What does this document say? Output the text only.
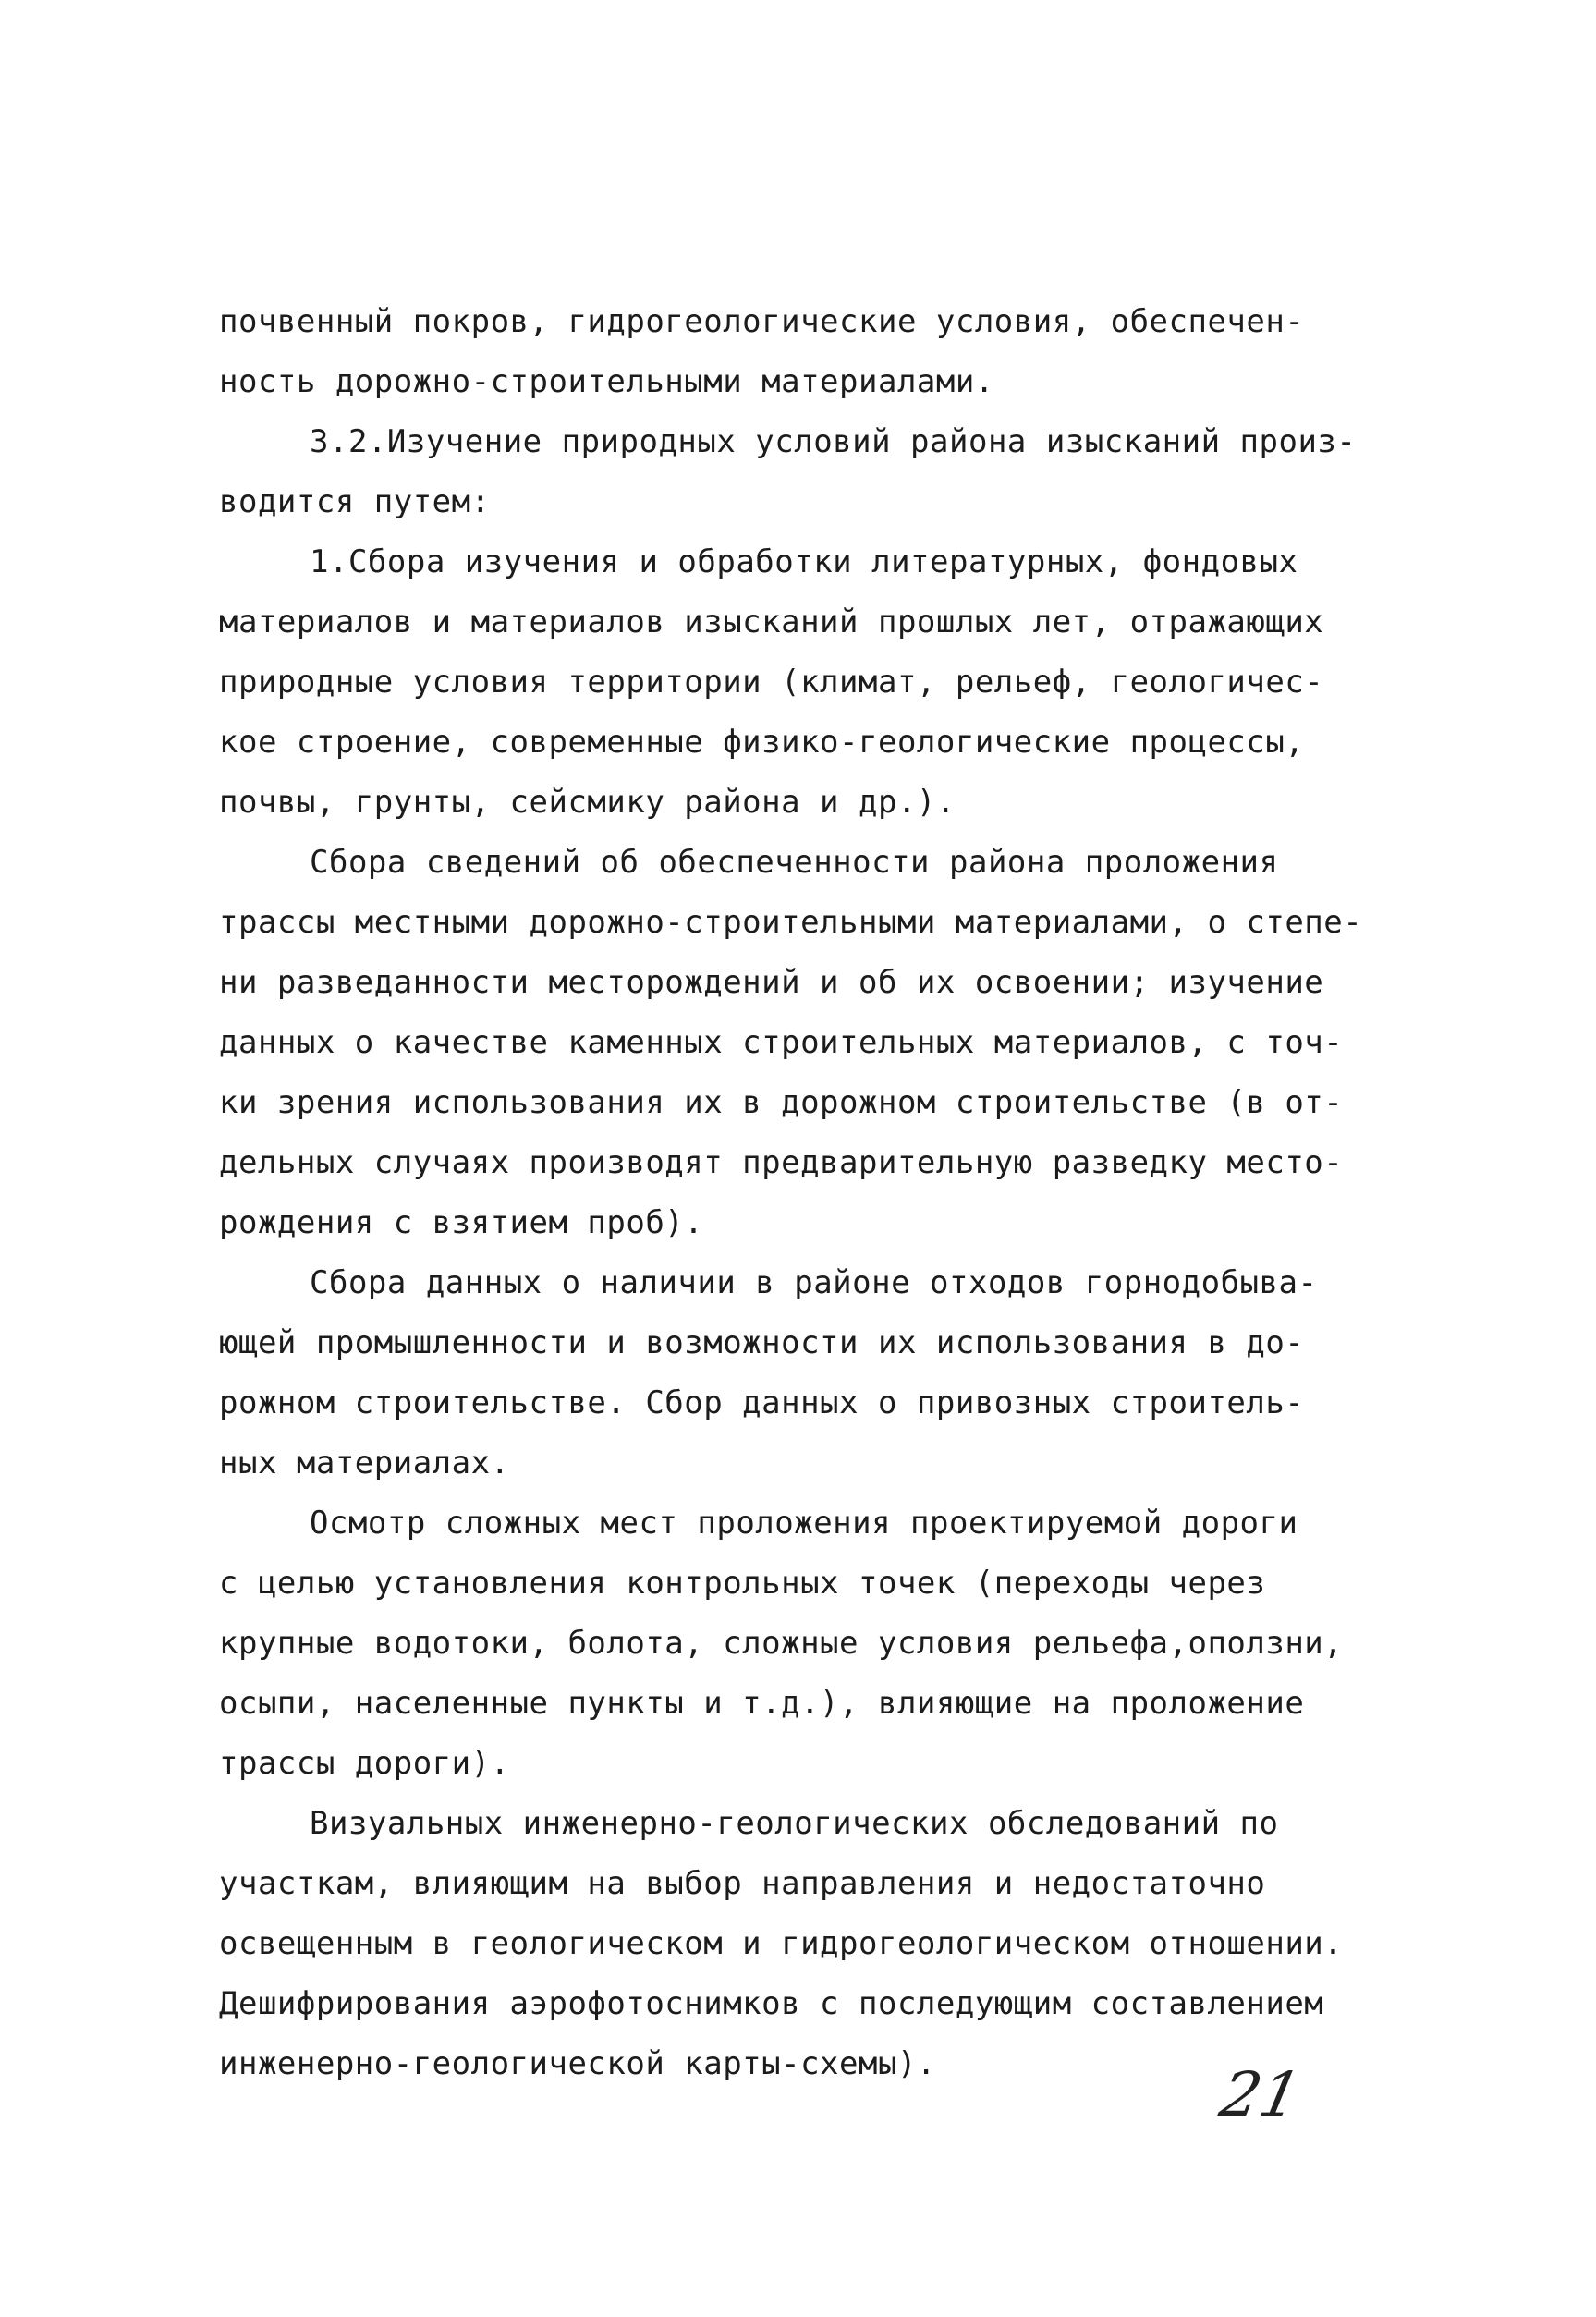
почвенный покров, гидрогеологические условия, обеспечен-
ность дорожно-строительными материалами.
3.2.Изучение природных условий района изысканий произ-
водится путем:
1.Сбора изучения и обработки литературных, фондовых
материалов и материалов изысканий прошлых лет, отражающих
природные условия территории (климат, рельеф, геологичес-
кое строение, современные физико-геологические процессы,
почвы, грунты, сейсмику района и др.).
Сбора сведений об обеспеченности района проложения
трассы местными дорожно-строительными материалами, о степе-
ни разведанности месторождений и об их освоении; изучение
данных о качестве каменных строительных материалов, с точ-
ки зрения использования их в дорожном строительстве (в от-
дельных случаях производят предварительную разведку место-
рождения с взятием проб).
Сбора данных о наличии в районе отходов горнодобыва-
ющей промышленности и возможности их использования в до-
рожном строительстве. Сбор данных о привозных строитель-
ных материалах.
Осмотр сложных мест проложения проектируемой дороги
с целью установления контрольных точек (переходы через
крупные водотоки, болота, сложные условия рельефа,оползни,
осыпи, населенные пункты и т.д.), влияющие на проложение
трассы дороги).
Визуальных инженерно-геологических обследований по
участкам, влияющим на выбор направления и недостаточно
освещенным в геологическом и гидрогеологическом отношении.
Дешифрирования аэрофотоснимков с последующим составлением
инженерно-геологической карты-схемы).	21
